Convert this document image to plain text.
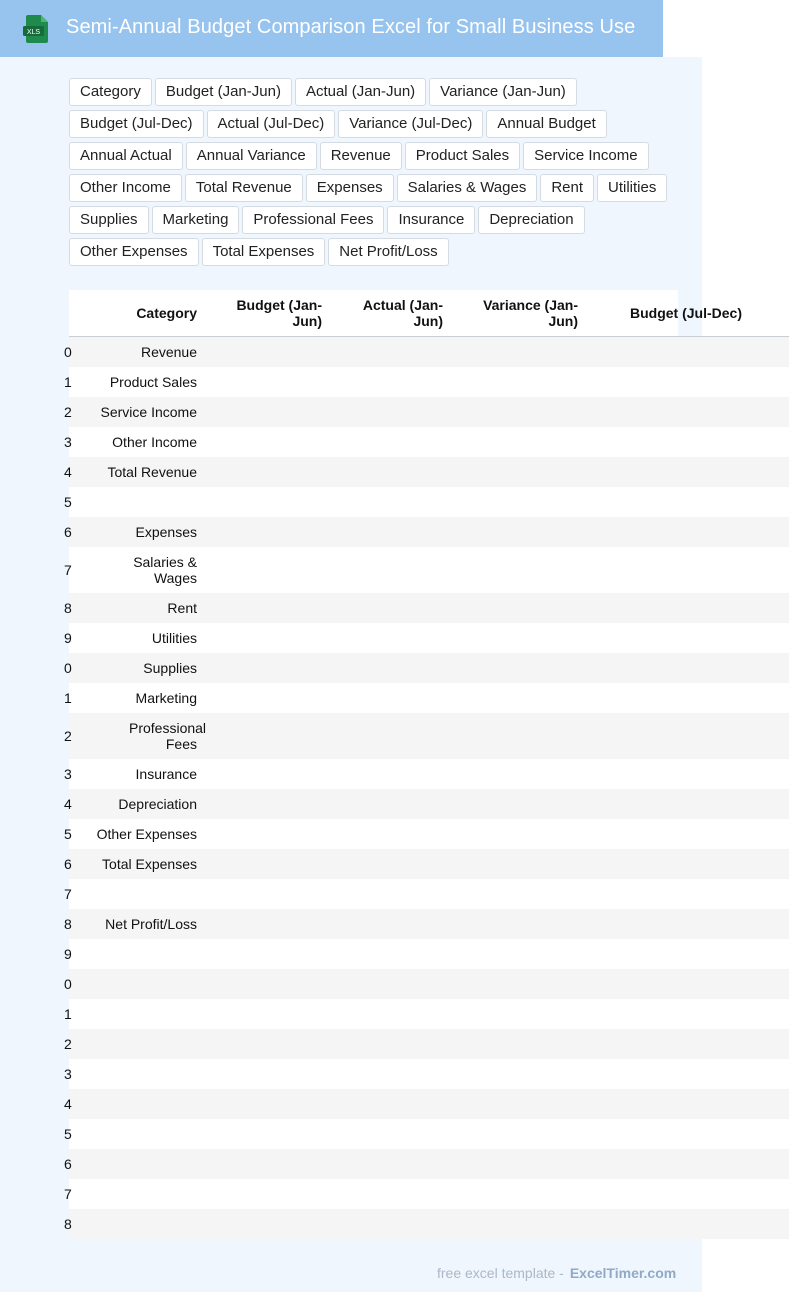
XLS Semi-Annual Budget Comparison Excel for Small Business Use
Category	Budget (Jan-Jun)	Actual (Jan-Jun)	Variance (Jan-Jun)
Budget (Jul-Dec)	Actual (Jul-Dec)	Variance (Jul-Dec)	Annual Budget
Annual Actual	Annual Variance	Revenue	Product Sales	Service Income
Other Income	Total Revenue	Expenses	Salaries & Wages	Rent	Utilities
Supplies	Marketing	Professional Fees	Insurance	Depreciation
Other Expenses	Total Expenses	Net Profit/Loss
	Category	Budget (Jan-Jun)	Actual (Jan-Jun)	Variance (Jan-Jun)	Budget (Jul-Dec)

0	Revenue				

1	Product Sales				

2	Service Income				

3	Other Income				

4	Total Revenue				

5					

6	Expenses				

7	Salaries & Wages				

8	Rent				

9	Utilities				

0	Supplies				

1	Marketing				

2	Professional Fees				

3	Insurance				

4	Depreciation				

5	Other Expenses				

6	Total Expenses				

7					

8	Net Profit/Loss				

9					

0					

1					

2					

3					

4					

5					

6					

7					

8					

free excel template - ExcelTimer.com
